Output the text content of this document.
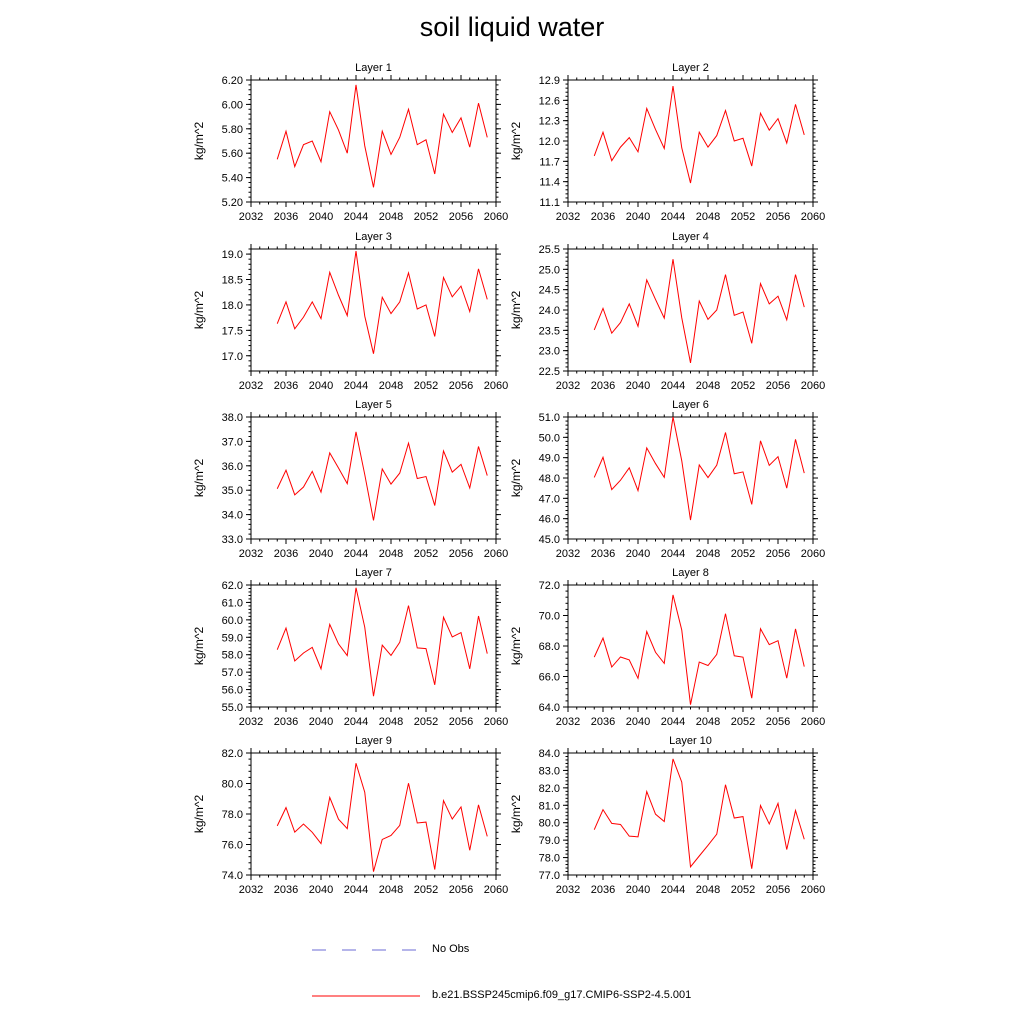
soil liquid water
Layer 1
2032 2036 2040 2044 2048 2052 2056 2060
5.20
5.40
5.60
5.80
6.00
6.20
kg/m^2
Layer 2
2032 2036 2040 2044 2048 2052 2056 2060
11.1
11.4
11.7
12.0
12.3
12.6
12.9
kg/m^2
Layer 3
2032 2036 2040 2044 2048 2052 2056 2060
17.0
17.5
18.0
18.5
19.0
kg/m^2
Layer 4
2032 2036 2040 2044 2048 2052 2056 2060
22.5
23.0
23.5
24.0
24.5
25.0
25.5
kg/m^2
Layer 5
2032 2036 2040 2044 2048 2052 2056 2060
33.0
34.0
35.0
36.0
37.0
38.0
kg/m^2
Layer 6
2032 2036 2040 2044 2048 2052 2056 2060
45.0
46.0
47.0
48.0
49.0
50.0
51.0
kg/m^2
Layer 7
2032 2036 2040 2044 2048 2052 2056 2060
55.0
56.0
57.0
58.0
59.0
60.0
61.0
62.0
kg/m^2
Layer 8
2032 2036 2040 2044 2048 2052 2056 2060
64.0
66.0
68.0
70.0
72.0
kg/m^2
Layer 9
2032 2036 2040 2044 2048 2052 2056 2060
74.0
76.0
78.0
80.0
82.0
kg/m^2
Layer 10
2032 2036 2040 2044 2048 2052 2056 2060
77.0
78.0
79.0
80.0
81.0
82.0
83.0
84.0
kg/m^2
No Obs
b.e21.BSSP245cmip6.f09_g17.CMIP6-SSP2-4.5.001
